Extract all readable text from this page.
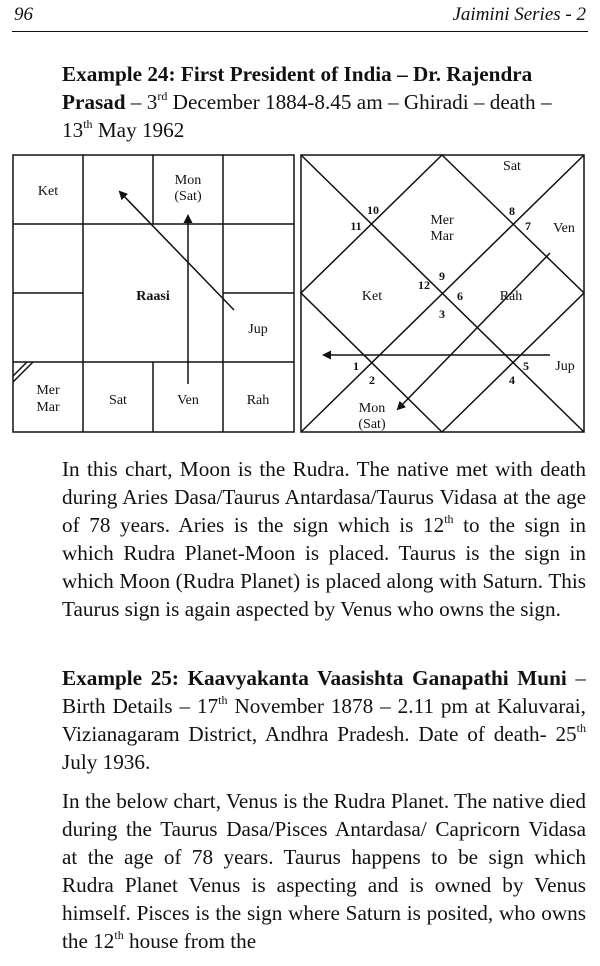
96	Jaimini Series - 2

Example 24: First President of India – Dr. Rajendra Prasad – 3rd December 1884-8.45 am – Ghiradi – death – 13th May 1962

Ket
Mon
(Sat)
Raasi
Jup
Mer
Mar	Sat	Ven	Rah
12
9
6
3
10
11
8
7
1
2
5
4
Sat
Mer
Mar
Ven
Ket	Rah
Jup
Mon
(Sat)

In this chart, Moon is the Rudra. The native met with death during Aries Dasa/Taurus Antardasa/Taurus Vidasa at the age of 78 years. Aries is the sign which is 12th to the sign in which Rudra Planet-Moon is placed. Taurus is the sign in which Moon (Rudra Planet) is placed along with Saturn. This Taurus sign is again aspected by Venus who owns the sign.

Example 25: Kaavyakanta Vaasishta Ganapathi Muni – Birth Details – 17th November 1878 – 2.11 pm at Kaluvarai, Vizianagaram District, Andhra Pradesh. Date of death- 25th July 1936.

In the below chart, Venus is the Rudra Planet. The native died during the Taurus Dasa/Pisces Antardasa/ Capricorn Vidasa at the age of 78 years. Taurus happens to be sign which Rudra Planet Venus is aspecting and is owned by Venus himself. Pisces is the sign where Saturn is posited, who owns the 12th house from the
